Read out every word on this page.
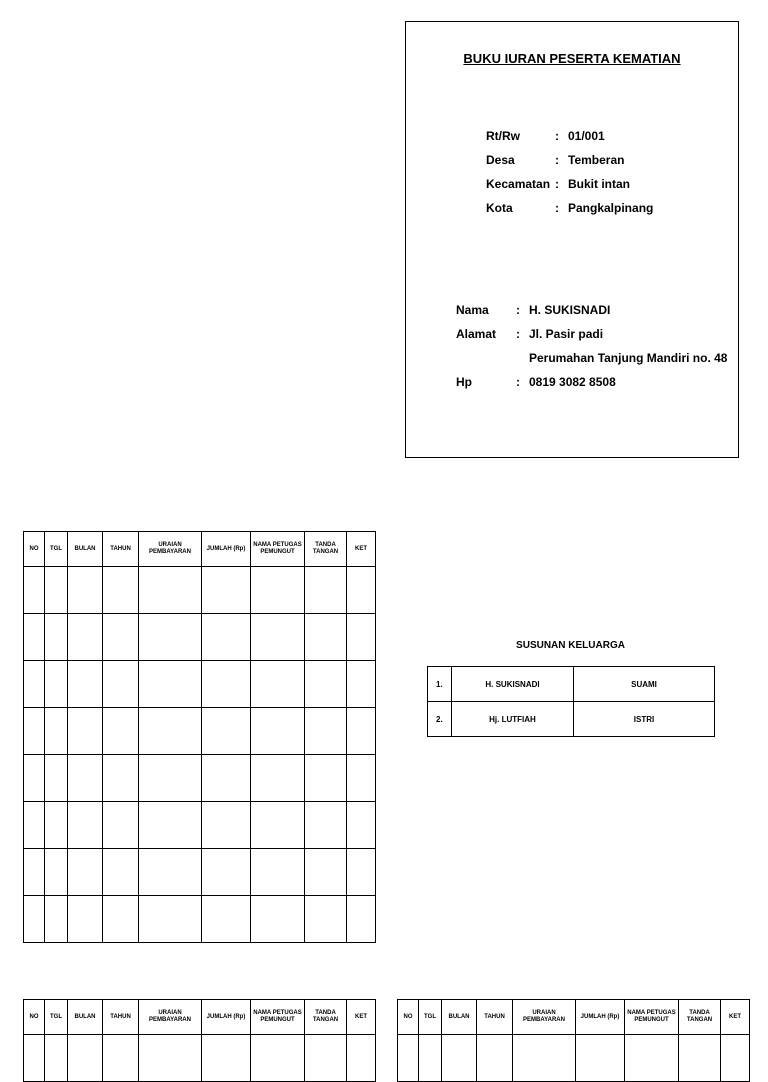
BUKU IURAN PESERTA KEMATIAN
Rt/Rw	: 01/001
Desa	: Temberan
Kecamatan : Bukit intan
Kota	: Pangkalpinang
Nama : H. SUKISNADI
Alamat : Jl. Pasir padi
Perumahan Tanjung Mandiri no. 48
Hp	: 0819 3082 8508
NO	TGL	BULAN	TAHUN	URAIAN PEMBAYARAN	JUMLAH (Rp)	NAMA PETUGAS PEMUNGUT	TANDA TANGAN	KET

NO	TGL	BULAN	TAHUN	URAIAN PEMBAYARAN	JUMLAH (Rp)	NAMA PETUGAS PEMUNGUT	TANDA TANGAN	KET
									NO	TGL	BULAN	TAHUN	URAIAN PEMBAYARAN	JUMLAH (Rp)	NAMA PETUGAS PEMUNGUT	TANDA TANGAN	KET

SUSUNAN KELUARGA
1.	H. SUKISNADI	SUAMI
2.	Hj. LUTFIAH	ISTRI
